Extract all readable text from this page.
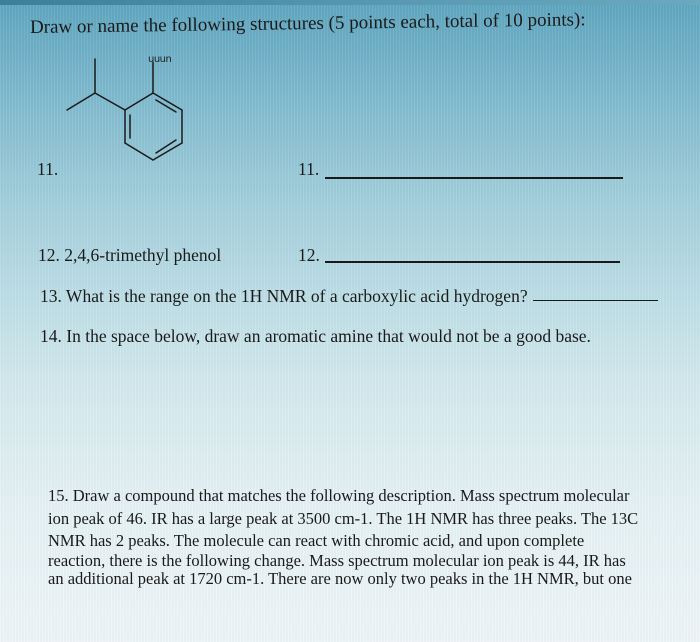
Draw or name the following structures (5 points each, total of 10 points):
ɥuun
11.	11.
12. 2,4,6-trimethyl phenol	12.
13. What is the range on the 1H NMR of a carboxylic acid hydrogen?
14. In the space below, draw an aromatic amine that would not be a good base.
15. Draw a compound that matches the following description. Mass spectrum molecular
ion peak of 46. IR has a large peak at 3500 cm-1. The 1H NMR has three peaks. The 13C
NMR has 2 peaks. The molecule can react with chromic acid, and upon complete
reaction, there is the following change. Mass spectrum molecular ion peak is 44, IR has
an additional peak at 1720 cm-1. There are now only two peaks in the 1H NMR, but one
